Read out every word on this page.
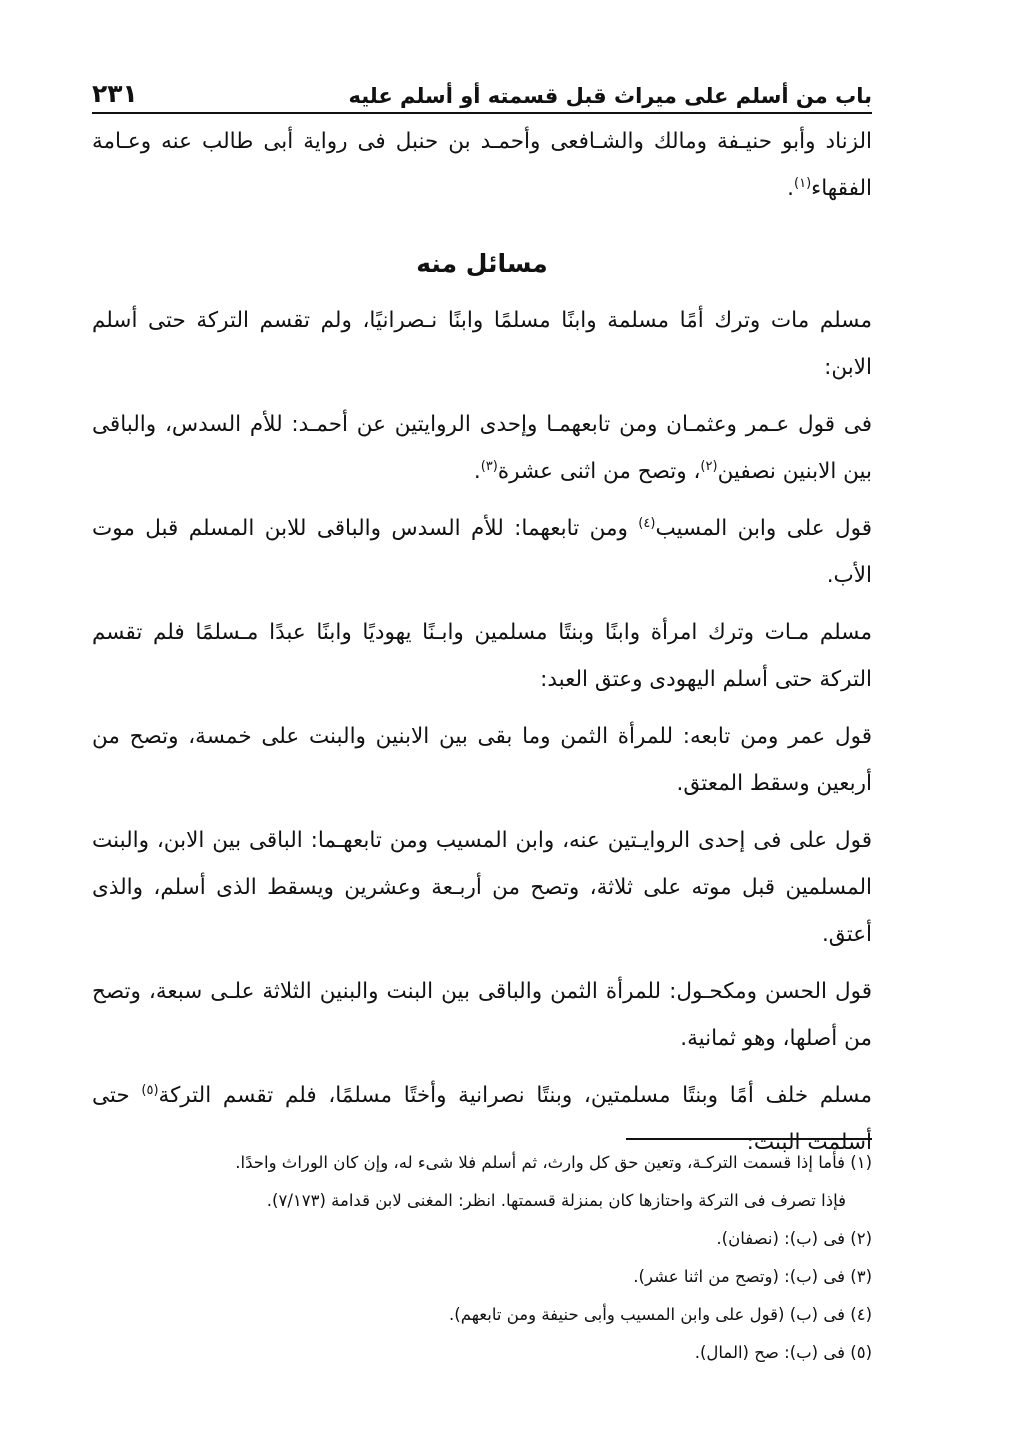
باب من أسلم على ميراث قبل قسمته أو أسلم عليه
٢٣١

الزناد وأبو حنيـفة ومالك والشـافعى وأحمـد بن حنبل فى رواية أبى طالب عنه وعـامة الفقهاء$^{(١)}$.

مسائل منه

مسلم مات وترك أمًا مسلمة وابنًا مسلمًا وابنًا نـصرانيًا، ولم تقسم التركة حتى أسلم الابن:

فى قول عـمر وعثمـان ومن تابعهمـا وإحدى الروايتين عن أحمـد: للأم السدس، والباقى بين الابنين نصفين$^{(٢)}$، وتصح من اثنى عشرة$^{(٣)}$.

قول على وابن المسيب$^{(٤)}$ ومن تابعهما: للأم السدس والباقى للابن المسلم قبل موت الأب.

مسلم مـات وترك امرأة وابنًا وبنتًا مسلمين وابـنًا يهوديًا وابنًا عبدًا مـسلمًا فلم تقسم التركة حتى أسلم اليهودى وعتق العبد:

قول عمر ومن تابعه: للمرأة الثمن وما بقى بين الابنين والبنت على خمسة، وتصح من أربعين وسقط المعتق.

قول على فى إحدى الروايـتين عنه، وابن المسيب ومن تابعهـما: الباقى بين الابن، والبنت المسلمين قبل موته على ثلاثة، وتصح من أربـعة وعشرين ويسقط الذى أسلم، والذى أعتق.

قول الحسن ومكحـول: للمرأة الثمن والباقى بين البنت والبنين الثلاثة علـى سبعة، وتصح من أصلها، وهو ثمانية.

مسلم خلف أمًا وبنتًا مسلمتين، وبنتًا نصرانية وأختًا مسلمًا، فلم تقسم التركة$^{(٥)}$ حتى أسلمت البنت:

(١) فأما إذا قسمت التركـة، وتعين حق كل وارث، ثم أسلم فلا شىء له، وإن كان الوراث واحدًا.

فإذا تصرف فى التركة واحتازها كان بمنزلة قسمتها. انظر: المغنى لابن قدامة (٧/١٧٣).

(٢) فى (ب): (نصفان).

(٣) فى (ب): (وتصح من اثنا عشر).

(٤) فى (ب) (قول على وابن المسيب وأبى حنيفة ومن تابعهم).

(٥) فى (ب): صح (المال).
